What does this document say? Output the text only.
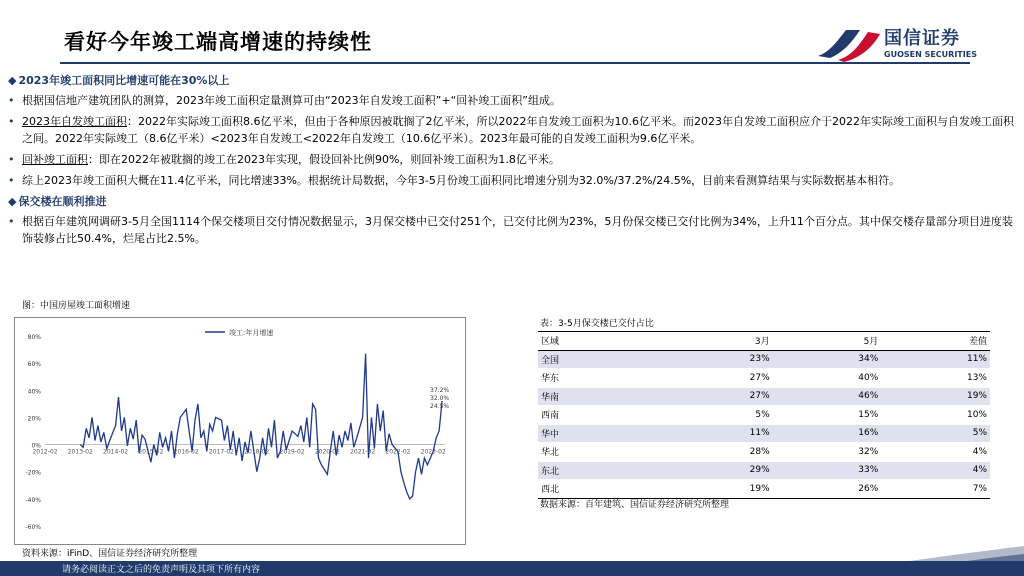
看好今年竣工端高增速的持续性	国信证券
GUOSEN SECURITIES
◆ 2023年竣工面积同比增速可能在30%以上
• 根据国信地产建筑团队的测算，2023年竣工面积定量测算可由“2023年自发竣工面积”+“回补竣工面积”组成。
• 2023年自发竣工面积：2022年实际竣工面积8.6亿平米，但由于各种原因被耽搁了2亿平米，所以2022年自发竣工面积为10.6亿平米。而2023年自发竣工面积应介于2022年实际竣工面积与自发竣工面积之间。2022年实际竣工（8.6亿平米）<2023年自发竣工<2022年自发竣工（10.6亿平米）。2023年最可能的自发竣工面积为9.6亿平米。
• 回补竣工面积：即在2022年被耽搁的竣工在2023年实现，假设回补比例90%，则回补竣工面积为1.8亿平米。
• 综上2023年竣工面积大概在11.4亿平米，同比增速33%。根据统计局数据，今年3-5月份竣工面积同比增速分别为32.0%/37.2%/24.5%，目前来看测算结果与实际数据基本相符。
◆ 保交楼在顺利推进
• 根据百年建筑网调研3-5月全国1114个保交楼项目交付情况数据显示，3月保交楼中已交付251个，已交付比例为23%，5月份保交楼已交付比例为34%，上升11个百分点。其中保交楼存量部分项目进度装饰装修占比50.4%，烂尾占比2.5%。
图：中国房屋竣工面积增速
80%
60%
40%
20%
0%
-20%
-40%
-60%
2012-02 2013-02 2014-02 2015-02 2016-02 2017-02 2018-02 2019-02 2020-02 2021-02 2022-02 2023-02
竣工:年月增速
37.2%
32.0%
24.5%
资料来源：iFinD、国信证券经济研究所整理
表：3-5月保交楼已交付占比
区域	3月	5月	差值
全国	23%	34%	11%
华东	27%	40%	13%
华南	27%	46%	19%
西南	5%	15%	10%
华中	11%	16%	5%
华北	28%	32%	4%
东北	29%	33%	4%
西北	19%	26%	7%
数据来源：百年建筑、国信证券经济研究所整理
请务必阅读正文之后的免责声明及其项下所有内容
